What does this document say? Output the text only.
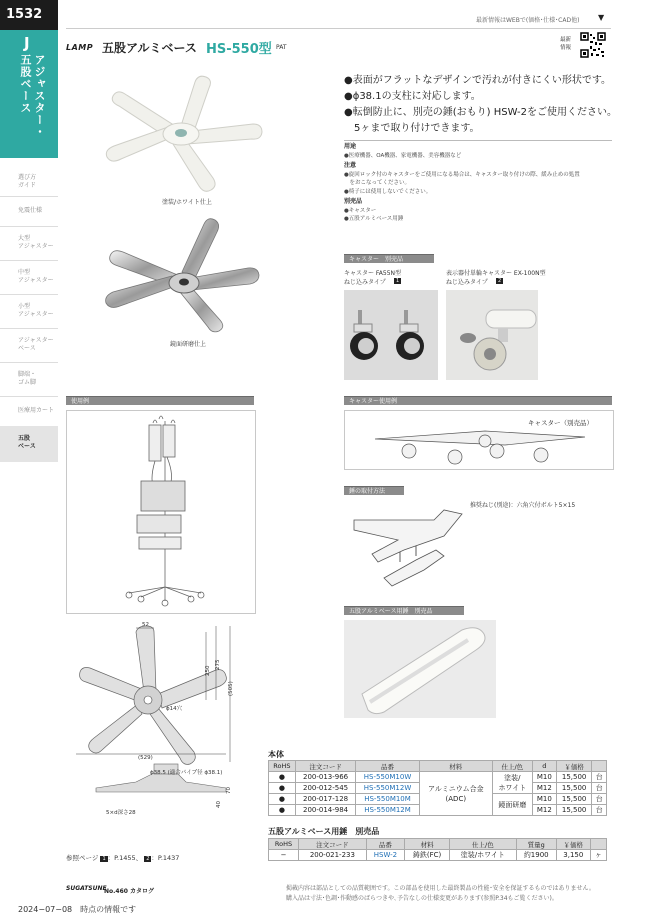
1532
J
アジャスター・
五股ベース
選び方
ガイド
免震仕様
大型
アジャスター
中型
アジャスター
小型
アジャスター
アジャスター
ベース
脚端・
ゴム脚
医療用カート
五股
ベース
最新情報はWEBで(価格･仕様･CAD他) ▼
LAMP 五股アルミベース HS-550型 PAT
最新
情報
塗装/ホワイト仕上
鏡面研磨仕上
●表面がフラットなデザインで汚れが付きにくい形状です。
●ϕ38.1の支柱に対応します。
●転倒防止に、別売の錘(おもり) HSW-2をご使用ください。
　5ヶまで取り付けできます。
用途
●医療機器、OA機器、家電機器、美容機器など
注意
●旋回ロック付のキャスターをご使用になる場合は、キャスター取り付けの際、緩み止めの処置
　をおこなってください。
●椅子には使用しないでください。
別売品
●キャスター
●五股アルミベース用錘
キャスター　別売品
キャスター FA55N型
ねじ込みタイプ	1
表示器付単輪キャスター EX-100N型
ねじ込みタイプ	2
使用例	キャスター使用例
キャスター（別売品）
錘の取付方法
推奨ねじ(別途)：六角穴付ボルト5×15
五股アルミベース用錘　別売品
52
250
275
(505)
ϕ14穴
(529)
ϕ38.5 (適合パイプ径 ϕ38.1)
40
70
5×d深さ28
本体
RoHS	注文コード	品番	材料	仕上/色	d	￥価格	
●	200-013-966	HS-550M10W	アルミニウム合金
(ADC)	塗装/
ホワイト	M10	15,500	台
●	200-012-545	HS-550M12W			M12	15,500	台
●	200-017-128	HS-550M10M		鏡面研磨	M10	15,500	台
●	200-014-984	HS-550M12M			M12	15,500	台
五股アルミベース用錘　別売品
RoHS	注文コード	品番	材料	仕上/色	質量g	￥価格	
−	200-021-233	HSW-2	鋳鉄(FC)	塗装/ホワイト	約1900	3,150	ヶ
参照ページ 1 ：P.1455、 2 ：P.1437
SUGATSUNE
No.460 カタログ
2024−07−08　時点の情報です
掲載内容は部品としての品質範囲です。この部品を使用した最終製品の性能･安全を保証するものではありません。
購入品は寸法･色調･作動感のばらつきや､予告なしの仕様変更があります(参照P.34もご覧ください)。
